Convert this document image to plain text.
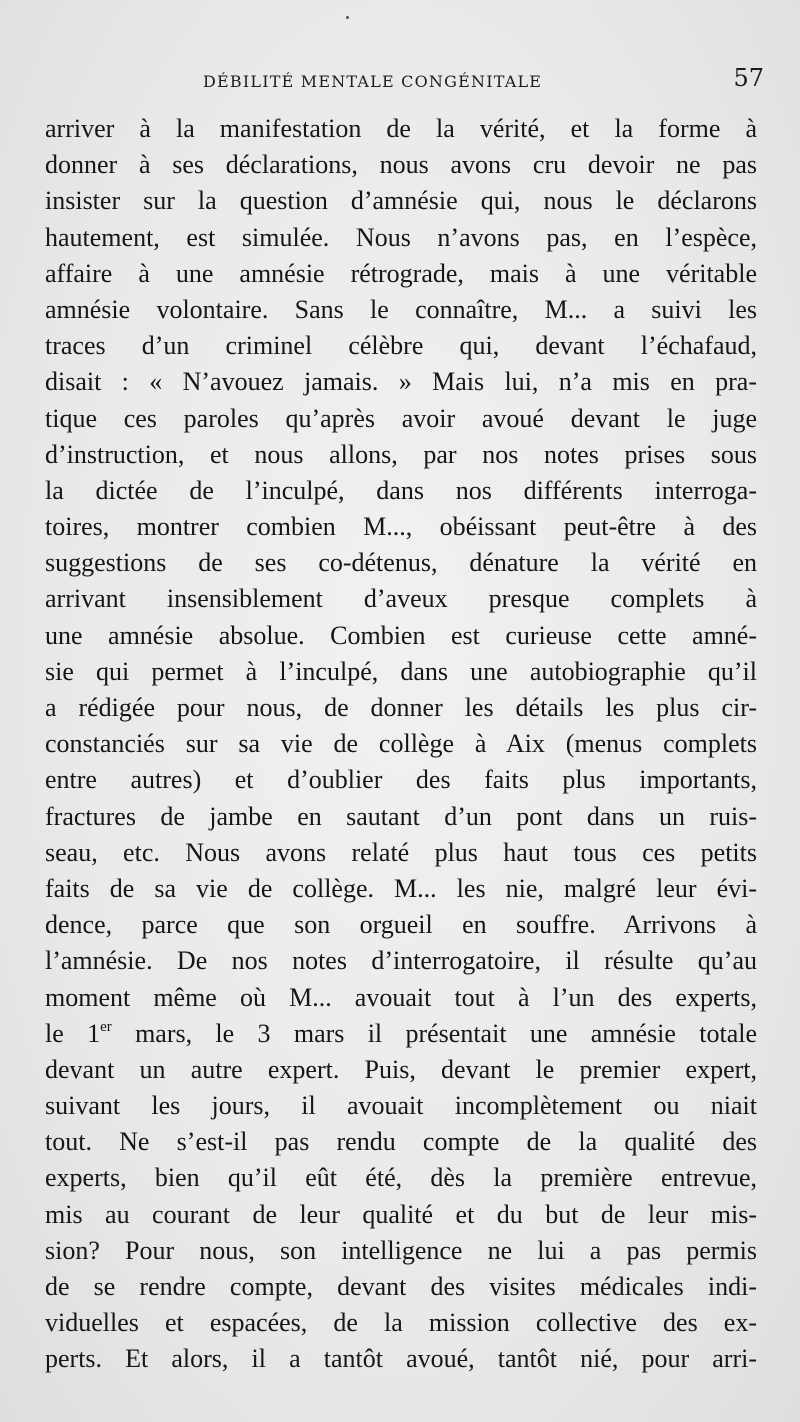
DÉBILITÉ MENTALE CONGÉNITALE	57
arriver à la manifestation de la vérité, et la forme à
donner à ses déclarations, nous avons cru devoir ne pas
insister sur la question d’amnésie qui, nous le déclarons
hautement, est simulée. Nous n’avons pas, en l’espèce,
affaire à une amnésie rétrograde, mais à une véritable
amnésie volontaire. Sans le connaître, M... a suivi les
traces d’un criminel célèbre qui, devant l’échafaud,
disait : « N’avouez jamais. » Mais lui, n’a mis en pra-
tique ces paroles qu’après avoir avoué devant le juge
d’instruction, et nous allons, par nos notes prises sous
la dictée de l’inculpé, dans nos différents interroga-
toires, montrer combien M..., obéissant peut-être à des
suggestions de ses co-détenus, dénature la vérité en
arrivant insensiblement d’aveux presque complets à
une amnésie absolue. Combien est curieuse cette amné-
sie qui permet à l’inculpé, dans une autobiographie qu’il
a rédigée pour nous, de donner les détails les plus cir-
constanciés sur sa vie de collège à Aix (menus complets
entre autres) et d’oublier des faits plus importants,
fractures de jambe en sautant d’un pont dans un ruis-
seau, etc. Nous avons relaté plus haut tous ces petits
faits de sa vie de collège. M... les nie, malgré leur évi-
dence, parce que son orgueil en souffre. Arrivons à
l’amnésie. De nos notes d’interrogatoire, il résulte qu’au
moment même où M... avouait tout à l’un des experts,
le 1er mars, le 3 mars il présentait une amnésie totale
devant un autre expert. Puis, devant le premier expert,
suivant les jours, il avouait incomplètement ou niait
tout. Ne s’est-il pas rendu compte de la qualité des
experts, bien qu’il eût été, dès la première entrevue,
mis au courant de leur qualité et du but de leur mis-
sion? Pour nous, son intelligence ne lui a pas permis
de se rendre compte, devant des visites médicales indi-
viduelles et espacées, de la mission collective des ex-
perts. Et alors, il a tantôt avoué, tantôt nié, pour arri-
